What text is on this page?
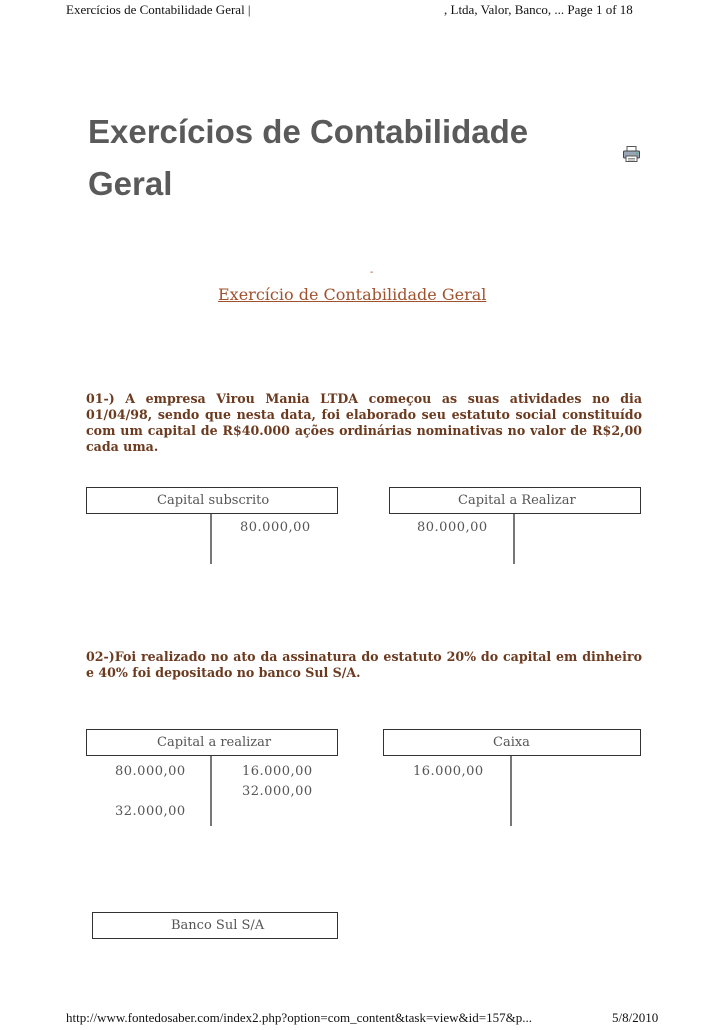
Exercícios de Contabilidade Geral |	, Ltda, Valor, Banco, ... Page 1 of 18
Exercícios de Contabilidade
Geral
-
Exercício de Contabilidade Geral
01-) A empresa Virou Mania LTDA começou as suas atividades no dia 01/04/98, sendo que nesta data, foi elaborado seu estatuto social constituído com um capital de R$40.000 ações ordinárias nominativas no valor de R$2,00 cada uma.
Capital subscrito
80.000,00
Capital a Realizar
80.000,00
02-)Foi realizado no ato da assinatura do estatuto 20% do capital em dinheiro e 40% foi depositado no banco Sul S/A.
Capital a realizar
80.000,00
32.000,00
16.000,00
32.000,00
Caixa
16.000,00
Banco Sul S/A
http://www.fontedosaber.com/index2.php?option=com_content&task=view&id=157&p...	5/8/2010
